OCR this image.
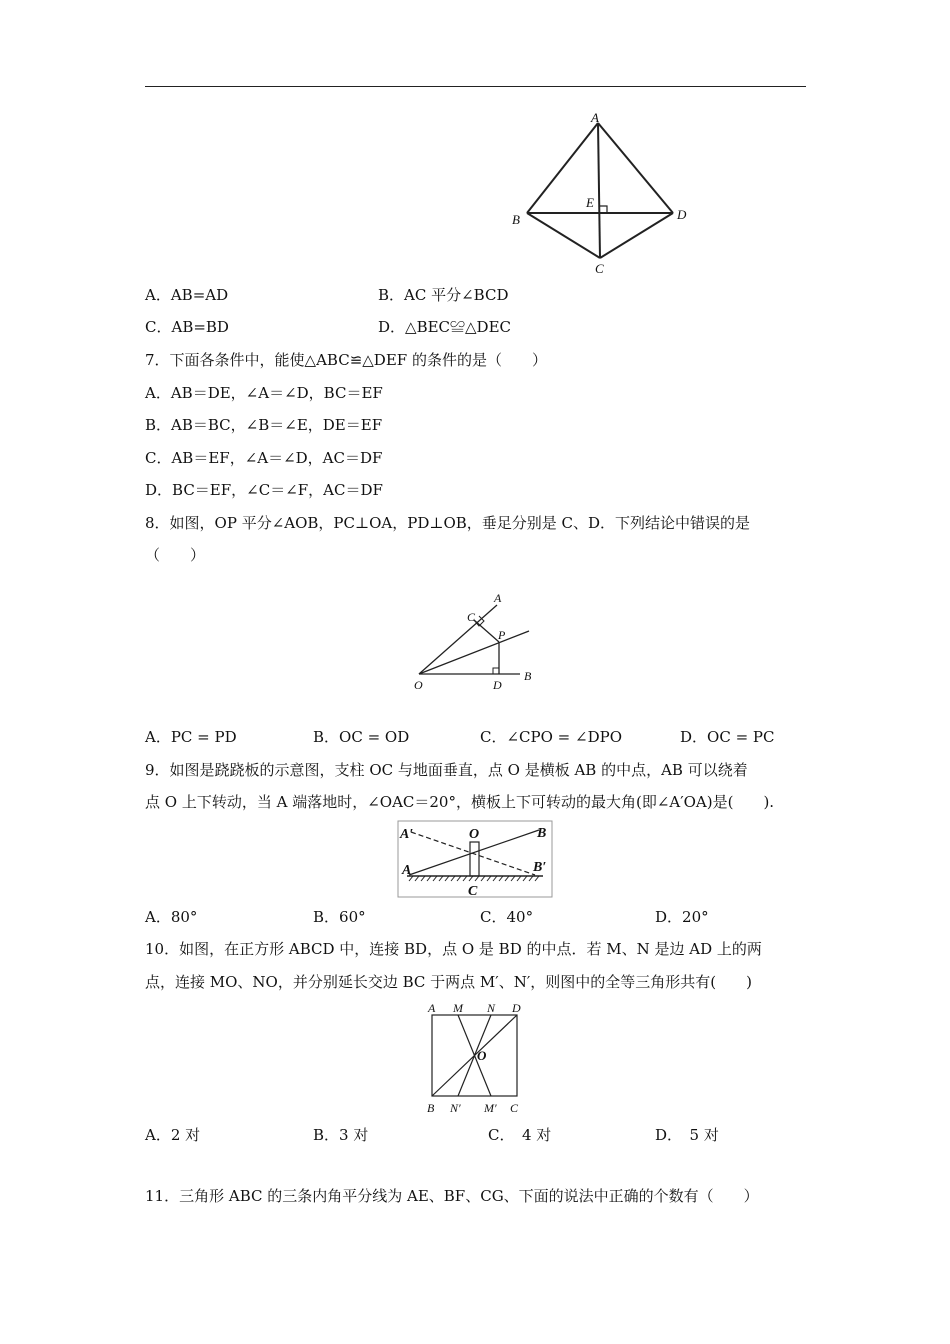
A
B
C
D
E
A．AB=AD	B．AC 平分∠BCD
C．AB=BD	D．△BEC≌△DEC
7．下面各条件中，能使△ABC≌△DEF 的条件的是（　　）
A．AB＝DE，∠A＝∠D，BC＝EF
B．AB＝BC，∠B＝∠E，DE＝EF
C．AB＝EF，∠A＝∠D，AC＝DF
D．BC＝EF，∠C＝∠F，AC＝DF
8．如图，OP 平分∠AOB，PC⊥OA，PD⊥OB，垂足分别是 C、D．下列结论中错误的是
（　　）
A
B
C
D
O
P
A．PC = PD	B．OC = OD	C．∠CPO = ∠DPO	D．OC = PC
9．如图是跷跷板的示意图，支柱 OC 与地面垂直，点 O 是横板 AB 的中点，AB 可以绕着
点 O 上下转动，当 A 端落地时，∠OAC＝20°，横板上下可转动的最大角(即∠A′OA)是(　　).
A′	O	B
A	B′
C
A．80°	B．60°	C．40°	D．20°
10．如图，在正方形 ABCD 中，连接 BD，点 O 是 BD 的中点．若 M、N 是边 AD 上的两
点，连接 MO、NO，并分别延长交边 BC 于两点 M′、N′，则图中的全等三角形共有(　　)
A M N D
O
B N′ M′ C
A．2 对	B．3 对	C．　4 对	D．　5 对
11．三角形 ABC 的三条内角平分线为 AE、BF、CG、下面的说法中正确的个数有（　　）
